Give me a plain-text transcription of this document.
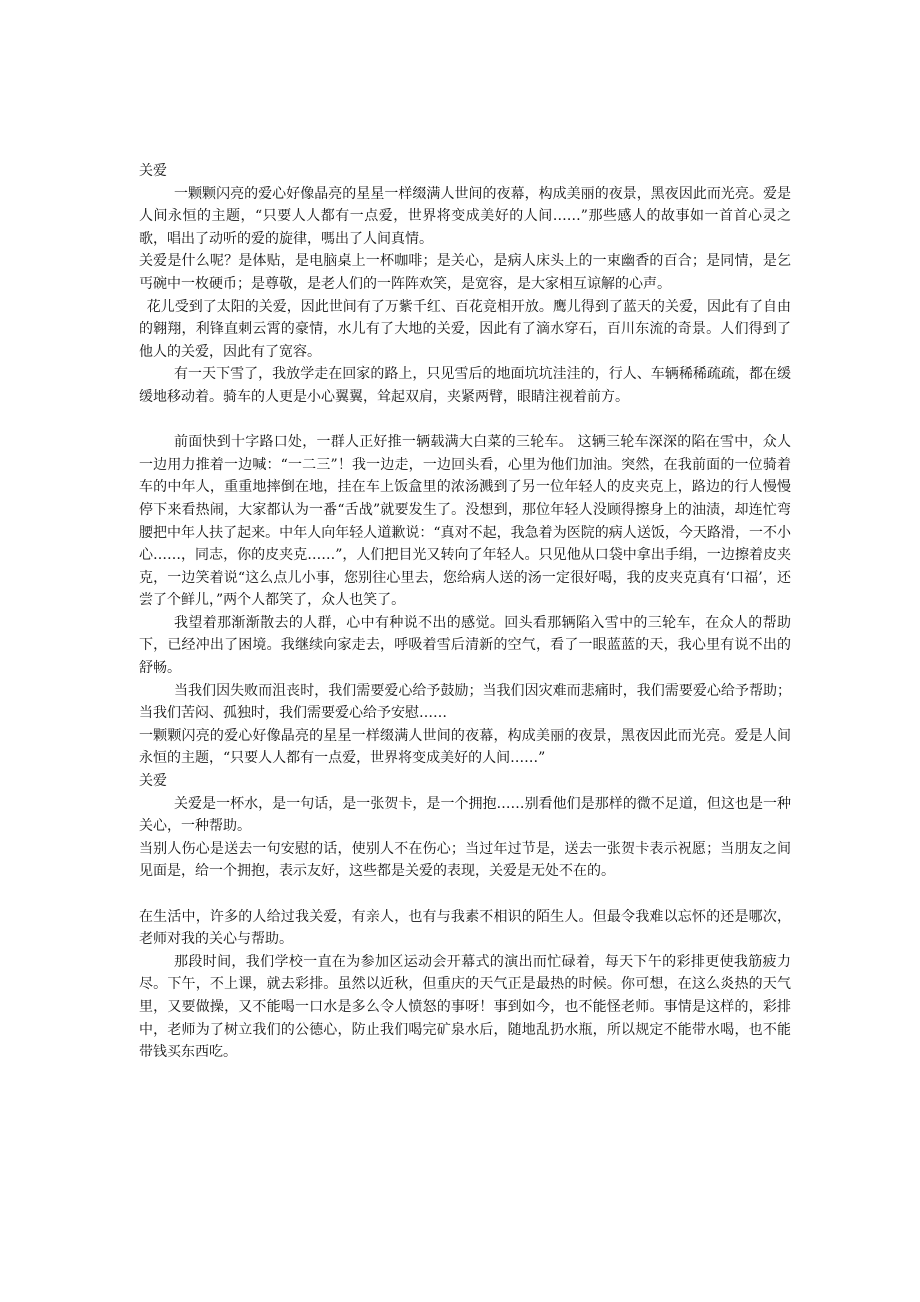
关爱

一颗颗闪亮的爱心好像晶亮的星星一样缀满人世间的夜幕，构成美丽的夜景，黑夜因此而光亮。爱是人间永恒的主题，“只要人人都有一点爱，世界将变成美好的人间……”那些感人的故事如一首首心灵之歌，唱出了动听的爱的旋律，嗎出了人间真情。

关爱是什么呢？是体贴，是电脑桌上一杯咖啡；是关心，是病人床头上的一束幽香的百合；是同情，是乞丐碗中一枚硬币；是尊敬，是老人们的一阵阵欢笑，是宽容，是大家相互谅解的心声。

花儿受到了太阳的关爱，因此世间有了万紫千红、百花竞相开放。鹰儿得到了蓝天的关爱，因此有了自由的翱翔，利锋直刺云霄的豪情，水儿有了大地的关爱，因此有了滴水穿石，百川东流的奇景。人们得到了他人的关爱，因此有了宽容。

有一天下雪了，我放学走在回家的路上，只见雪后的地面坑坑洼洼的，行人、车辆稀稀疏疏，都在缓缓地移动着。骑车的人更是小心翼翼，耸起双肩，夹紧两臂，眼睛注视着前方。

前面快到十字路口处，一群人正好推一辆载满大白菜的三轮车。 这辆三轮车深深的陷在雪中，众人一边用力推着一边喊：“一二三”！我一边走，一边回头看，心里为他们加油。突然，在我前面的一位骑着车的中年人，重重地摔倒在地，挂在车上饭盒里的浓汤溅到了另一位年轻人的皮夹克上，路边的行人慢慢停下来看热闹，大家都认为一番“舌战”就要发生了。没想到，那位年轻人没顾得擦身上的油渍，却连忙弯腰把中年人扶了起来。中年人向年轻人道歉说：“真对不起，我急着为医院的病人送饭，今天路滑，一不小心……，同志，你的皮夹克……”，人们把目光又转向了年轻人。只见他从口袋中拿出手绢，一边擦着皮夹克，一边笑着说“这么点儿小事，您别往心里去，您给病人送的汤一定很好喝，我的皮夹克真有‘口福’，还尝了个鲜儿，”两个人都笑了，众人也笑了。

我望着那渐渐散去的人群，心中有种说不出的感觉。回头看那辆陷入雪中的三轮车，在众人的帮助下，已经冲出了困境。我继续向家走去，呼吸着雪后清新的空气，看了一眼蓝蓝的天，我心里有说不出的舒畅。

当我们因失败而沮丧时，我们需要爱心给予鼓励；当我们因灾难而悲痛时，我们需要爱心给予帮助；当我们苦闷、孤独时，我们需要爱心给予安慰……

一颗颗闪亮的爱心好像晶亮的星星一样缀满人世间的夜幕，构成美丽的夜景，黑夜因此而光亮。爱是人间永恒的主题，“只要人人都有一点爱，世界将变成美好的人间……”

关爱

关爱是一杯水，是一句话，是一张贺卡，是一个拥抱……别看他们是那样的微不足道，但这也是一种关心，一种帮助。

当别人伤心是送去一句安慰的话，使别人不在伤心；当过年过节是，送去一张贺卡表示祝愿；当朋友之间见面是，给一个拥抱，表示友好，这些都是关爱的表现，关爱是无处不在的。

在生活中，许多的人给过我关爱，有亲人，也有与我素不相识的陌生人。但最令我难以忘怀的还是哪次，老师对我的关心与帮助。

那段时间，我们学校一直在为参加区运动会开幕式的演出而忙碌着，每天下午的彩排更使我筋疲力尽。下午，不上课，就去彩排。虽然以近秋，但重庆的天气正是最热的时候。你可想，在这么炎热的天气里，又要做操，又不能喝一口水是多么令人愤怒的事呀！事到如今，也不能怪老师。事情是这样的，彩排中，老师为了树立我们的公德心，防止我们喝完矿泉水后，随地乱扔水瓶，所以规定不能带水喝，也不能带钱买东西吃。
